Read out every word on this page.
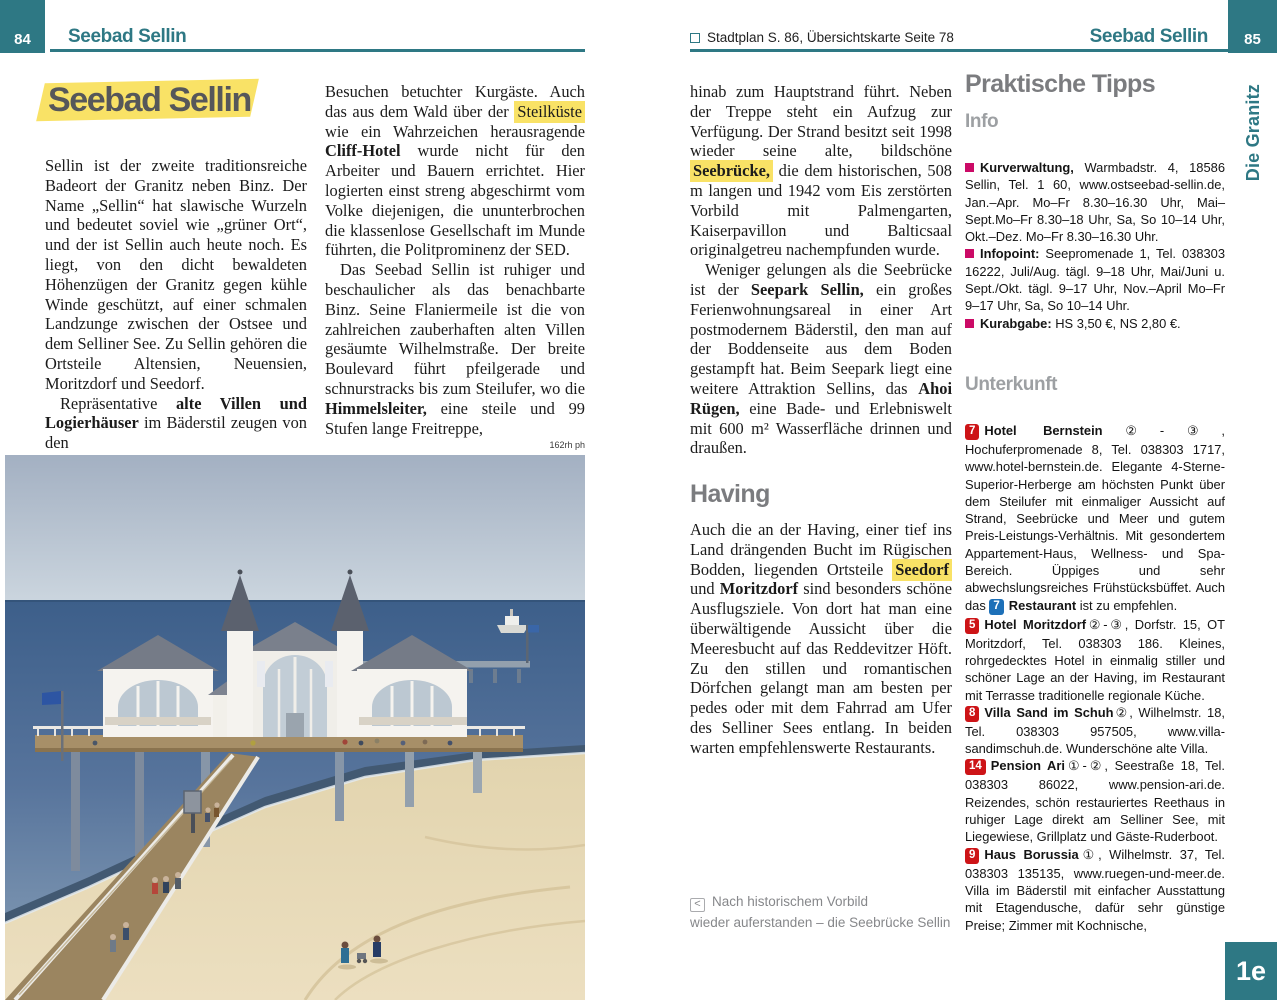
84 Seebad Sellin	Stadtplan S. 86, Übersichtskarte Seite 78	Seebad Sellin 85
Die Granitz
1e
Seebad Sellin

Sellin ist der zweite traditionsreiche Badeort der Granitz neben Binz. Der Name „Sellin“ hat slawische Wurzeln und bedeutet soviel wie „grüner Ort“, und der ist Sellin auch heute noch. Es liegt, von den dicht bewaldeten Höhenzügen der Granitz gegen kühle Winde geschützt, auf einer schmalen Landzunge zwischen der Ostsee und dem Selliner See. Zu Sellin gehören die Ortsteile Altensien, Neuensien, Moritzdorf und Seedorf.

Repräsentative alte Villen und Logierhäuser im Bäderstil zeugen von den

Besuchen betuchter Kurgäste. Auch das aus dem Wald über der Steilküste wie ein Wahrzeichen herausragende Cliff-Hotel wurde nicht für den Arbeiter und Bauern errichtet. Hier logierten einst streng abgeschirmt vom Volke diejenigen, die ununterbrochen die klassenlose Gesellschaft im Munde führten, die Politprominenz der SED.

Das Seebad Sellin ist ruhiger und beschaulicher als das benachbarte Binz. Seine Flaniermeile ist die von zahlreichen zauberhaften alten Villen gesäumte Wilhelmstraße. Der breite Boulevard führt pfeilgerade und schnurstracks bis zum Steilufer, wo die Himmelsleiter, eine steile und 99 Stufen lange Freitreppe,

162rh ph

hinab zum Hauptstrand führt. Neben der Treppe steht ein Aufzug zur Verfügung. Der Strand besitzt seit 1998 wieder seine alte, bildschöne Seebrücke, die dem historischen, 508 m langen und 1942 vom Eis zerstörten Vorbild mit Palmengarten, Kaiserpavillon und Balticsaal originalgetreu nachempfunden wurde.

Weniger gelungen als die Seebrücke ist der Seepark Sellin, ein großes Ferienwohnungsareal in einer Art postmodernem Bäderstil, den man auf der Boddenseite aus dem Boden gestampft hat. Beim Seepark liegt eine weitere Attraktion Sellins, das Ahoi Rügen, eine Bade- und Erlebniswelt mit 600 m² Wasserfläche drinnen und draußen.

Having

Auch die an der Having, einer tief ins Land drängenden Bucht im Rügischen Bodden, liegenden Ortsteile Seedorf und Moritzdorf sind besonders schöne Ausflugsziele. Von dort hat man eine überwältigende Aussicht über die Meeresbucht auf das Reddevitzer Höft. Zu den stillen und romantischen Dörfchen gelangt man am besten per pedes oder mit dem Fahrrad am Ufer des Selliner Sees entlang. In beiden warten empfehlenswerte Restaurants.

< Nach historischem Vorbild
wieder auferstanden – die Seebrücke Sellin
Praktische Tipps
Info

Kurverwaltung, Warmbadstr. 4, 18586 Sellin, Tel. 1 60, www.ostseebad-sellin.de, Jan.–Apr. Mo–Fr 8.30–16.30 Uhr, Mai–Sept.Mo–Fr 8.30–18 Uhr, Sa, So 10–14 Uhr, Okt.–Dez. Mo–Fr 8.30–16.30 Uhr.

Infopoint: Seepromenade 1, Tel. 038303 16222, Juli/Aug. tägl. 9–18 Uhr, Mai/Juni u. Sept./Okt. tägl. 9–17 Uhr, Nov.–April Mo–Fr 9–17 Uhr, Sa, So 10–14 Uhr.

Kurabgabe: HS 3,50 €, NS 2,80 €.

Unterkunft

7 Hotel Bernstein②-③, Hochuferpromenade 8, Tel. 038303 1717, www.hotel-bernstein.de. Elegante 4-Sterne-Superior-Herberge am höchsten Punkt über dem Steilufer mit einmaliger Aussicht auf Strand, Seebrücke und Meer und gutem Preis-Leistungs-Verhältnis. Mit gesondertem Appartement-Haus, Wellness- und Spa-Bereich. Üppiges und sehr abwechslungsreiches Frühstücksbüffet. Auch das 7 Restaurant ist zu empfehlen.

5 Hotel Moritzdorf②-③, Dorfstr. 15, OT Moritzdorf, Tel. 038303 186. Kleines, rohrgedecktes Hotel in einmalig stiller und schöner Lage an der Having, im Restaurant mit Terrasse traditionelle regionale Küche.

8 Villa Sand im Schuh②, Wilhelmstr. 18, Tel. 038303 957505, www.villa-sandimschuh.de. Wunderschöne alte Villa.

14 Pension Ari①-②, Seestraße 18, Tel. 038303 86022, www.pension-ari.de. Reizendes, schön restauriertes Reethaus in ruhiger Lage direkt am Selliner See, mit Liegewiese, Grillplatz und Gäste-Ruderboot.

9 Haus Borussia①, Wilhelmstr. 37, Tel. 038303 135135, www.ruegen-und-meer.de. Villa im Bäderstil mit einfacher Ausstattung mit Etagendusche, dafür sehr günstige Preise; Zimmer mit Kochnische,
